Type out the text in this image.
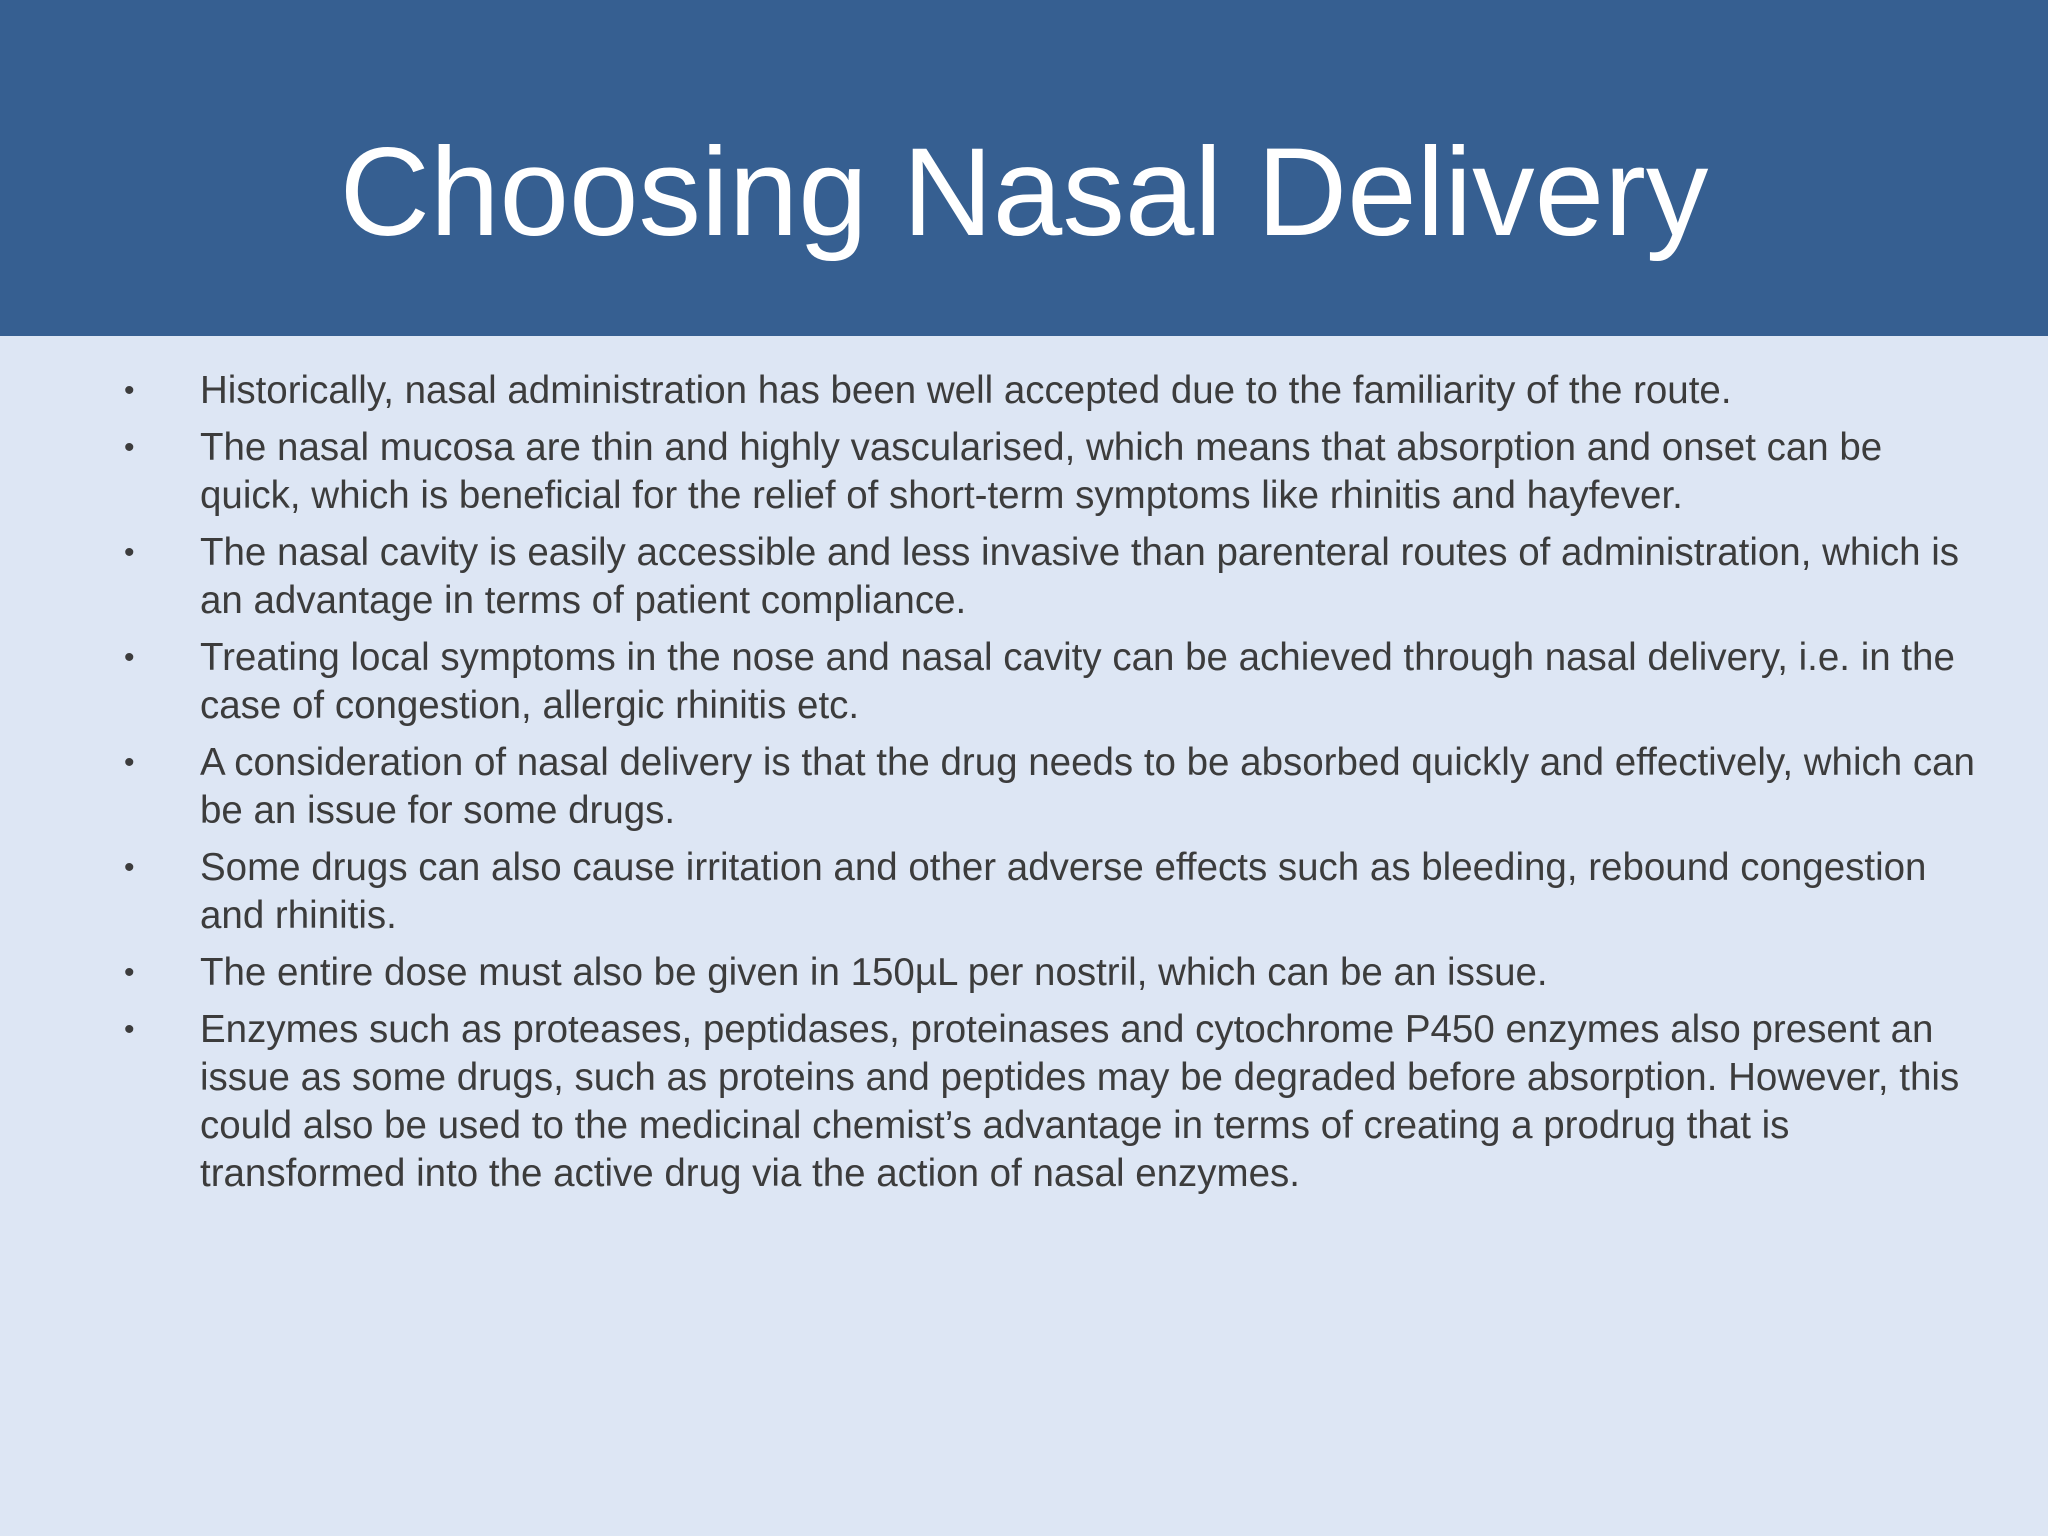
Choosing Nasal Delivery
• Historically, nasal administration has been well accepted due to the familiarity of the route.
• The nasal mucosa are thin and highly vascularised, which means that absorption and onset can be quick, which is beneficial for the relief of short-term symptoms like rhinitis and hayfever.
• The nasal cavity is easily accessible and less invasive than parenteral routes of administration, which is an advantage in terms of patient compliance.
• Treating local symptoms in the nose and nasal cavity can be achieved through nasal delivery, i.e. in the case of congestion, allergic rhinitis etc.
• A consideration of nasal delivery is that the drug needs to be absorbed quickly and effectively, which can be an issue for some drugs.
• Some drugs can also cause irritation and other adverse effects such as bleeding, rebound congestion and rhinitis.
• The entire dose must also be given in 150µL per nostril, which can be an issue.
• Enzymes such as proteases, peptidases, proteinases and cytochrome P450 enzymes also present an issue as some drugs, such as proteins and peptides may be degraded before absorption. However, this could also be used to the medicinal chemist’s advantage in terms of creating a prodrug that is transformed into the active drug via the action of nasal enzymes.
